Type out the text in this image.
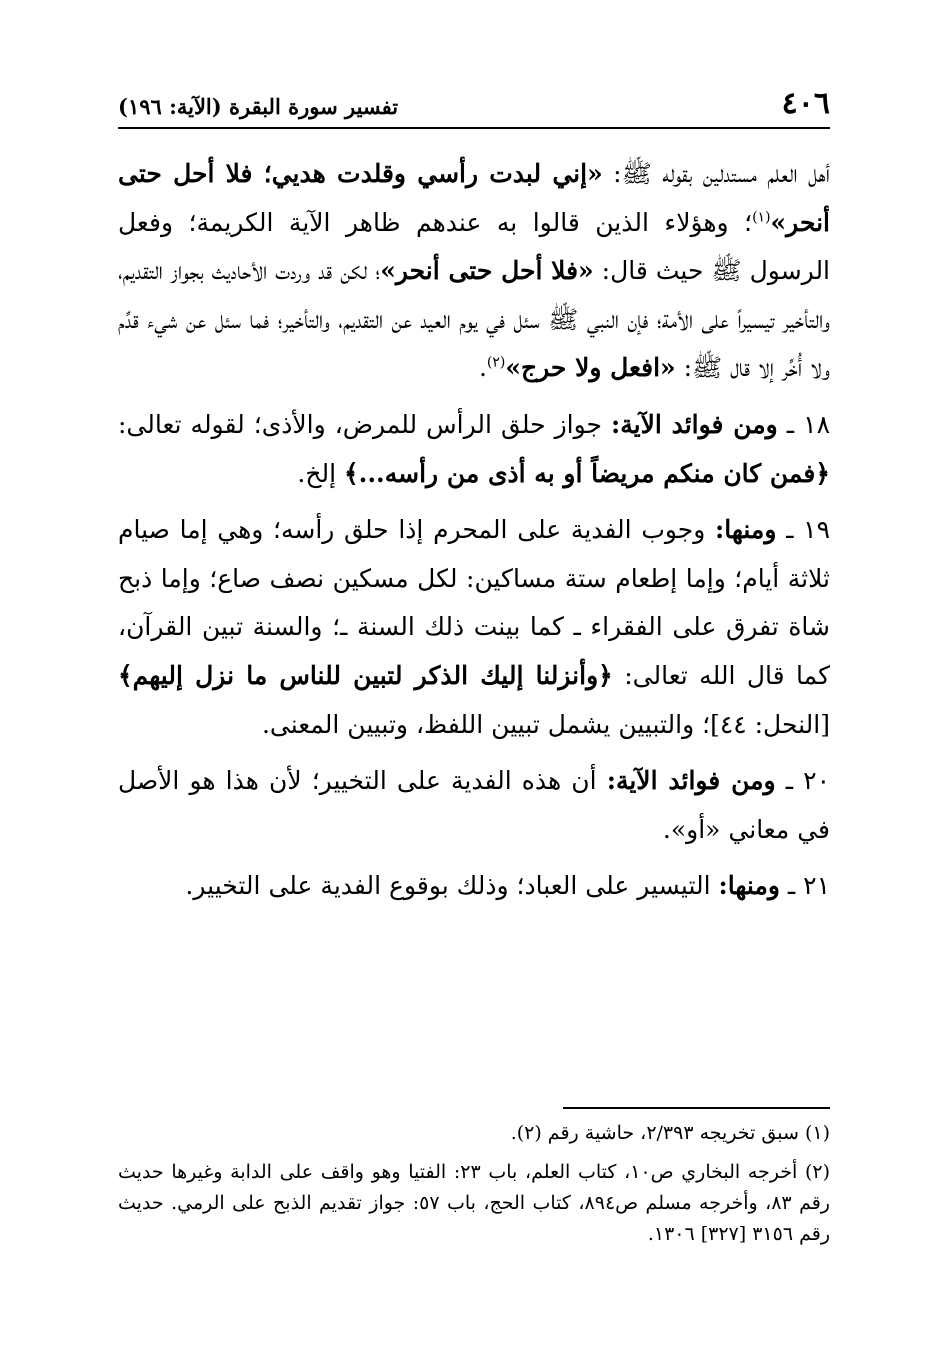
٤٠٦
تفسير سورة البقرة (الآية: ١٩٦)

أهل العلم مستدلين بقوله ﷺ: «إني لبدت رأسي وقلدت هديي؛ فلا أحل حتى أنحر»$^{(١)}$؛ وهؤلاء الذين قالوا به عندهم ظاهر الآية الكريمة؛ وفعل الرسول ﷺ حيث قال: «فلا أحل حتى أنحر»؛ لكن قد وردت الأحاديث بجواز التقديم، والتأخير تيسيراً على الأمة؛ فإن النبي ﷺ سئل في يوم العيد عن التقديم، والتأخير؛ فما سئل عن شيء قدِّم ولا أُخِّر إلا قال ﷺ: «افعل ولا حرج»$^{(٢)}$.

١٨ ـ ومن فوائد الآية: جواز حلق الرأس للمرض، والأذى؛ لقوله تعالى: ﴿فمن كان منكم مريضاً أو به أذى من رأسه...﴾ إلخ.

١٩ ـ ومنها: وجوب الفدية على المحرم إذا حلق رأسه؛ وهي إما صيام ثلاثة أيام؛ وإما إطعام ستة مساكين: لكل مسكين نصف صاع؛ وإما ذبح شاة تفرق على الفقراء ـ كما بينت ذلك السنة ـ؛ والسنة تبين القرآن، كما قال الله تعالى: ﴿وأنزلنا إليك الذكر لتبين للناس ما نزل إليهم﴾ [النحل: ٤٤]؛ والتبيين يشمل تبيين اللفظ، وتبيين المعنى.

٢٠ ـ ومن فوائد الآية: أن هذه الفدية على التخيير؛ لأن هذا هو الأصل في معاني «أو».

٢١ ـ ومنها: التيسير على العباد؛ وذلك بوقوع الفدية على التخيير.

(١) سبق تخريجه ٢/٣٩٣، حاشية رقم (٢).

(٢) أخرجه البخاري ص١٠، كتاب العلم، باب ٢٣: الفتيا وهو واقف على الدابة وغيرها حديث رقم ٨٣، وأخرجه مسلم ص٨٩٤، كتاب الحج، باب ٥٧: جواز تقديم الذبح على الرمي. حديث رقم ٣١٥٦ [٣٢٧] ١٣٠٦.
